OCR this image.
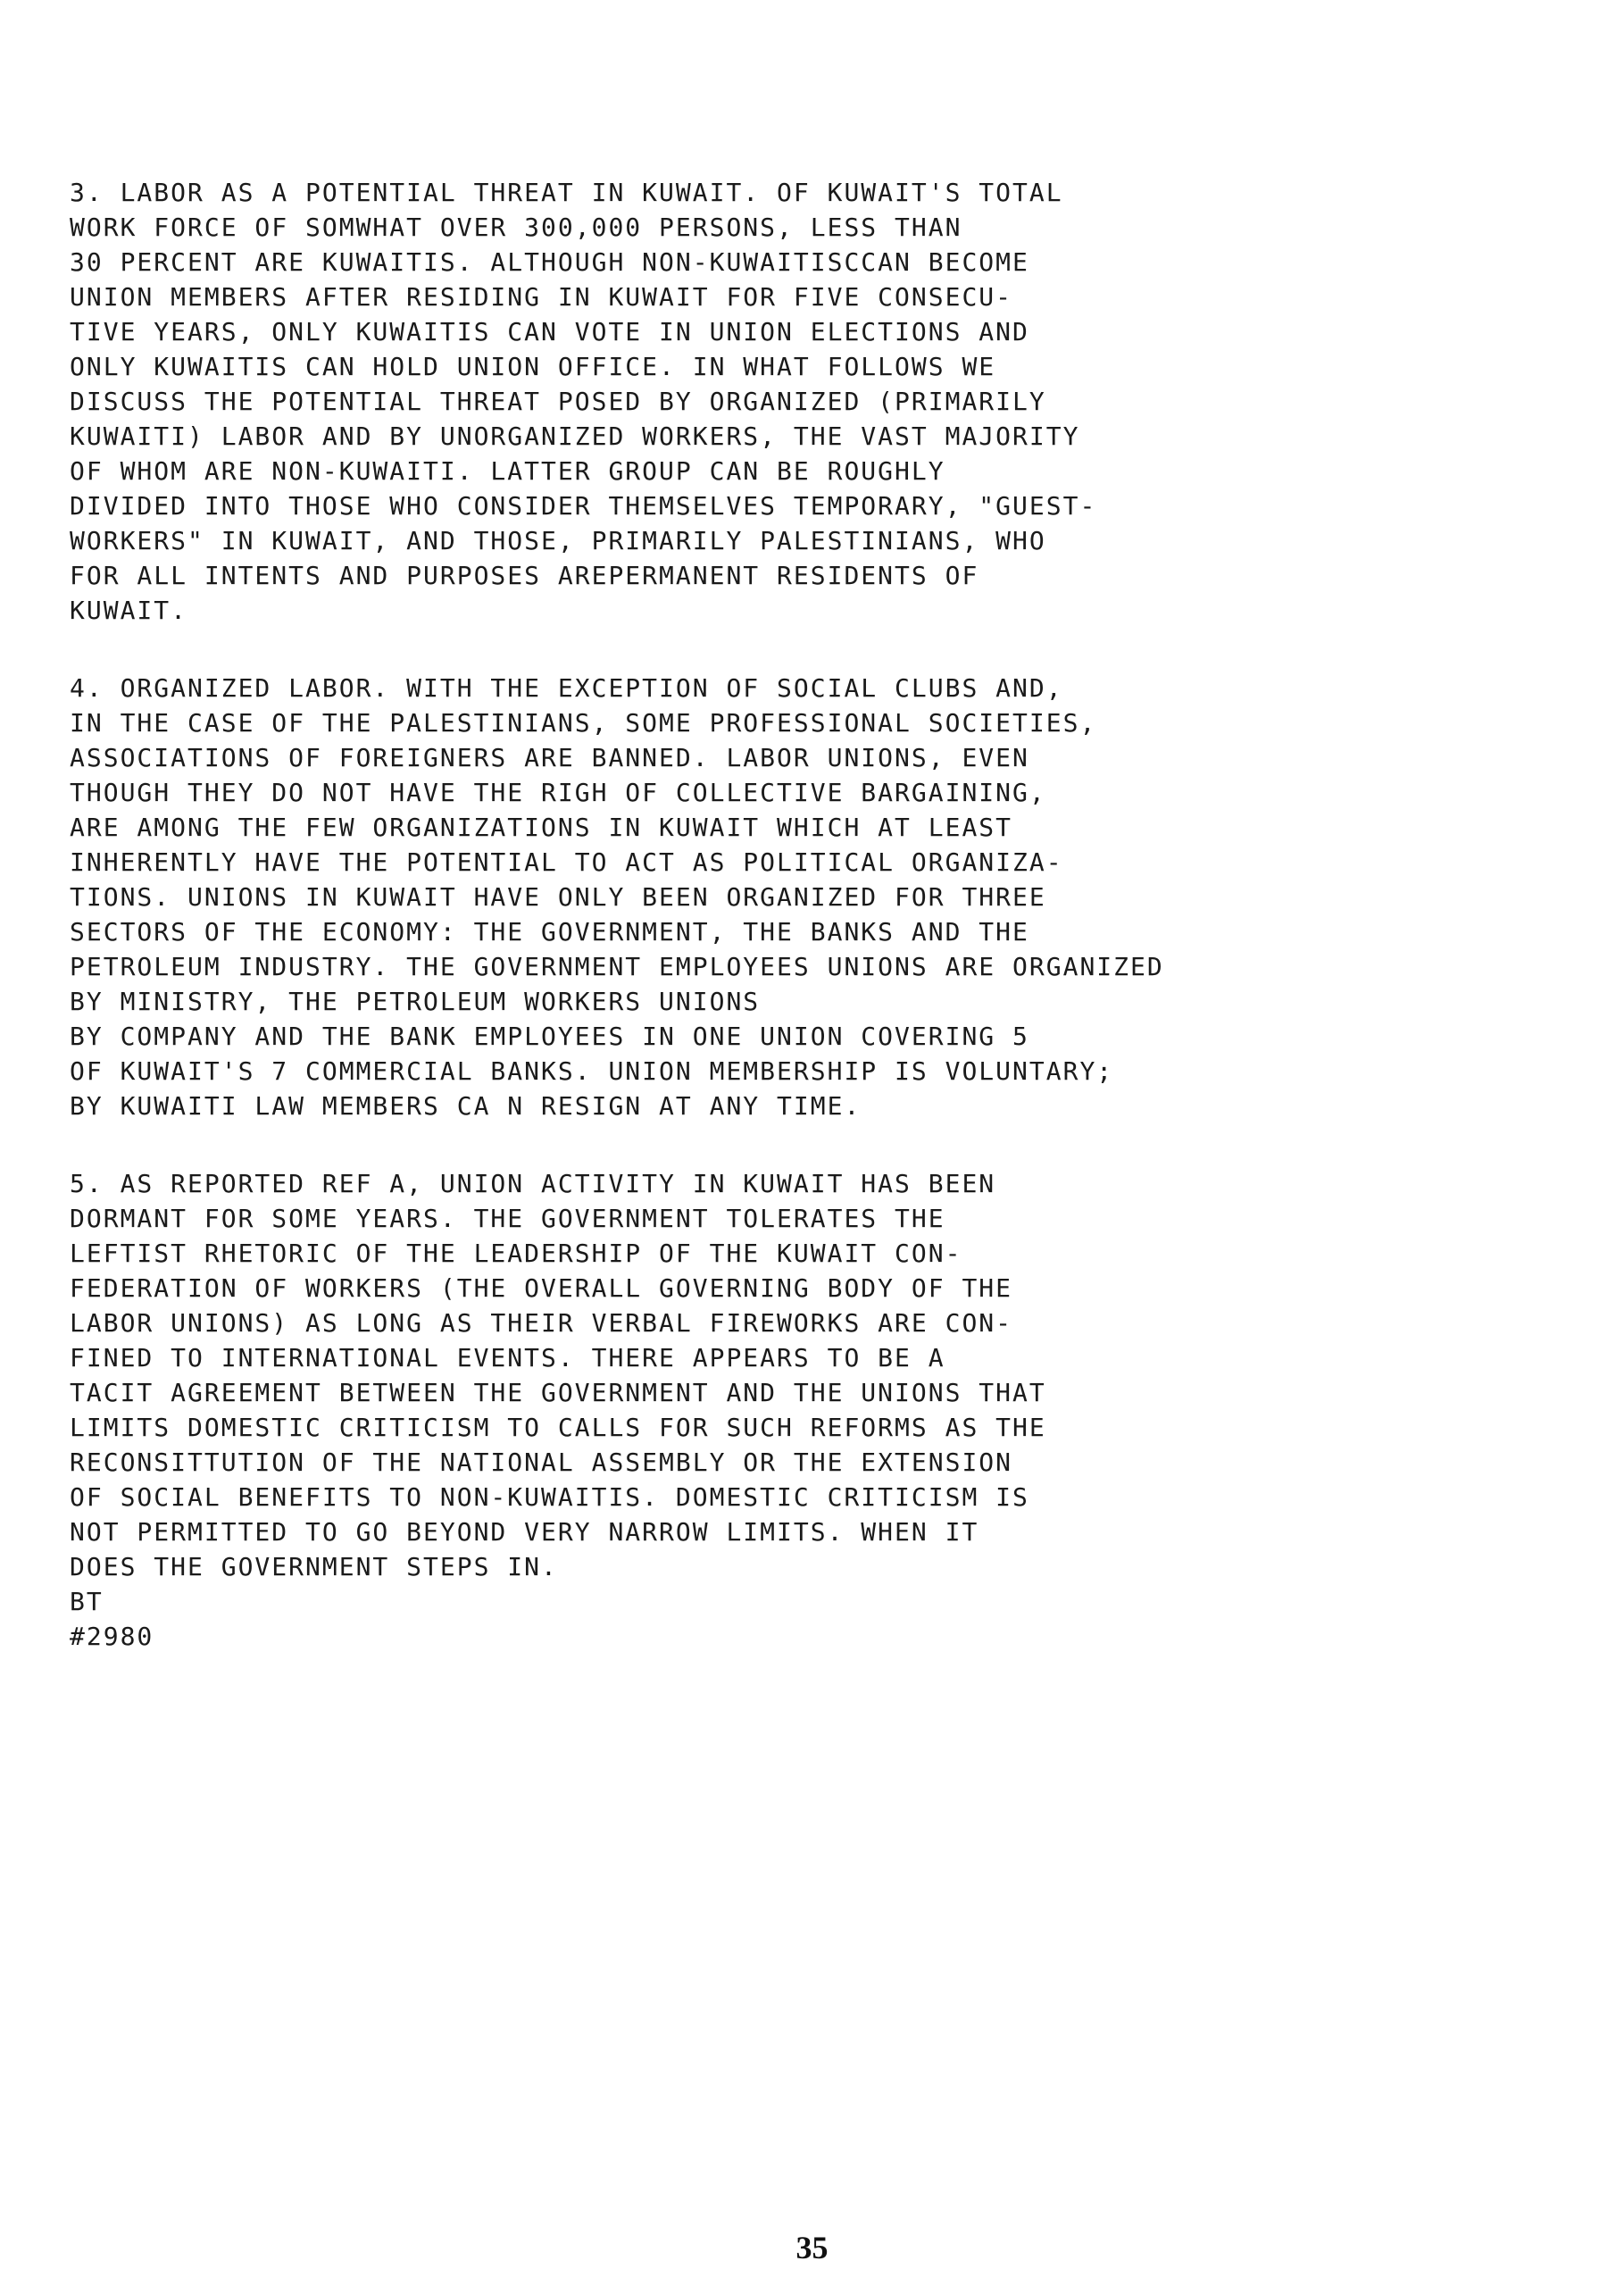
3. LABOR AS A POTENTIAL THREAT IN KUWAIT. OF KUWAIT'S TOTAL
WORK FORCE OF SOMWHAT OVER 300,000 PERSONS, LESS THAN
30 PERCENT ARE KUWAITIS. ALTHOUGH NON-KUWAITISCCAN BECOME
UNION MEMBERS AFTER RESIDING IN KUWAIT FOR FIVE CONSECU-
TIVE YEARS, ONLY KUWAITIS CAN VOTE IN UNION ELECTIONS AND
ONLY KUWAITIS CAN HOLD UNION OFFICE. IN WHAT FOLLOWS WE
DISCUSS THE POTENTIAL THREAT POSED BY ORGANIZED (PRIMARILY
KUWAITI) LABOR AND BY UNORGANIZED WORKERS, THE VAST MAJORITY
OF WHOM ARE NON-KUWAITI. LATTER GROUP CAN BE ROUGHLY
DIVIDED INTO THOSE WHO CONSIDER THEMSELVES TEMPORARY, "GUEST-
WORKERS" IN KUWAIT, AND THOSE, PRIMARILY PALESTINIANS, WHO
FOR ALL INTENTS AND PURPOSES AREPERMANENT RESIDENTS OF
KUWAIT.
4. ORGANIZED LABOR. WITH THE EXCEPTION OF SOCIAL CLUBS AND,
IN THE CASE OF THE PALESTINIANS, SOME PROFESSIONAL SOCIETIES,
ASSOCIATIONS OF FOREIGNERS ARE BANNED. LABOR UNIONS, EVEN
THOUGH THEY DO NOT HAVE THE RIGH OF COLLECTIVE BARGAINING,
ARE AMONG THE FEW ORGANIZATIONS IN KUWAIT WHICH AT LEAST
INHERENTLY HAVE THE POTENTIAL TO ACT AS POLITICAL ORGANIZA-
TIONS. UNIONS IN KUWAIT HAVE ONLY BEEN ORGANIZED FOR THREE
SECTORS OF THE ECONOMY: THE GOVERNMENT, THE BANKS AND THE
PETROLEUM INDUSTRY. THE GOVERNMENT EMPLOYEES UNIONS ARE ORGANIZED
BY MINISTRY, THE PETROLEUM WORKERS UNIONS
BY COMPANY AND THE BANK EMPLOYEES IN ONE UNION COVERING 5
OF KUWAIT'S 7 COMMERCIAL BANKS. UNION MEMBERSHIP IS VOLUNTARY;
BY KUWAITI LAW MEMBERS CA N RESIGN AT ANY TIME.
5. AS REPORTED REF A, UNION ACTIVITY IN KUWAIT HAS BEEN
DORMANT FOR SOME YEARS. THE GOVERNMENT TOLERATES THE
LEFTIST RHETORIC OF THE LEADERSHIP OF THE KUWAIT CON-
FEDERATION OF WORKERS (THE OVERALL GOVERNING BODY OF THE
LABOR UNIONS) AS LONG AS THEIR VERBAL FIREWORKS ARE CON-
FINED TO INTERNATIONAL EVENTS. THERE APPEARS TO BE A
TACIT AGREEMENT BETWEEN THE GOVERNMENT AND THE UNIONS THAT
LIMITS DOMESTIC CRITICISM TO CALLS FOR SUCH REFORMS AS THE
RECONSITTUTION OF THE NATIONAL ASSEMBLY OR THE EXTENSION
OF SOCIAL BENEFITS TO NON-KUWAITIS. DOMESTIC CRITICISM IS
NOT PERMITTED TO GO BEYOND VERY NARROW LIMITS. WHEN IT
DOES THE GOVERNMENT STEPS IN.
BT
#2980
35
